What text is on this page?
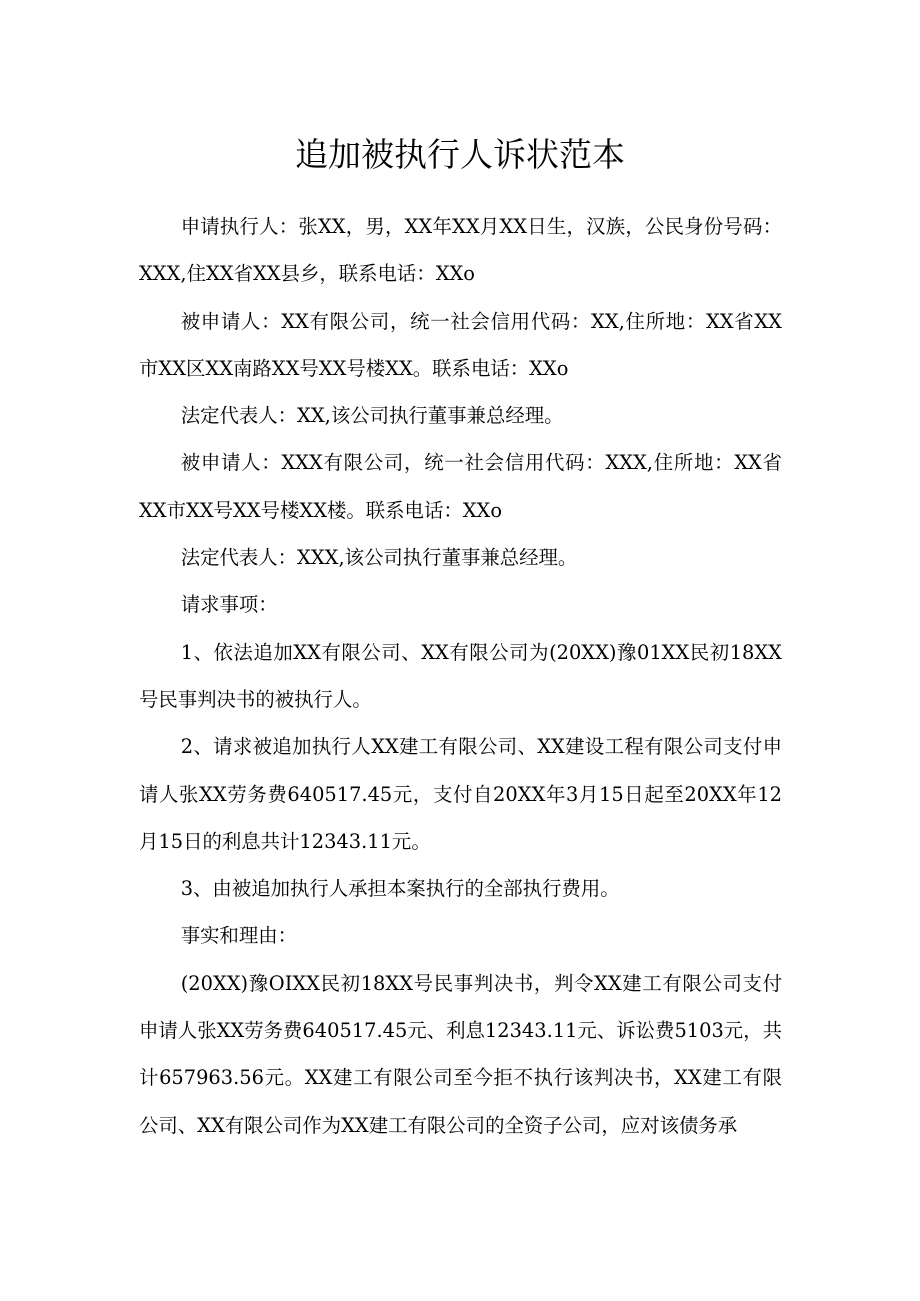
追加被执行人诉状范本

申请执行人：张XX，男，XX年XX月XX日生，汉族，公民身份号码：XXX,住XX省XX县乡，联系电话：XXo

被申请人：XX有限公司，统一社会信用代码：XX,住所地：XX省XX市XX区XX南路XX号XX号楼XX。联系电话：XXo

法定代表人：XX,该公司执行董事兼总经理。

被申请人：XXX有限公司，统一社会信用代码：XXX,住所地：XX省XX市XX号XX号楼XX楼。联系电话：XXo

法定代表人：XXX,该公司执行董事兼总经理。

请求事项：

1、依法追加XX有限公司、XX有限公司为(20XX)豫01XX民初18XX号民事判决书的被执行人。

2、请求被追加执行人XX建工有限公司、XX建设工程有限公司支付申请人张XX劳务费640517.45元，支付自20XX年3月15日起至20XX年12月15日的利息共计12343.11元。

3、由被追加执行人承担本案执行的全部执行费用。

事实和理由：

(20XX)豫OIXX民初18XX号民事判决书，判令XX建工有限公司支付申请人张XX劳务费640517.45元、利息12343.11元、诉讼费5103元，共计657963.56元。XX建工有限公司至今拒不执行该判决书，XX建工有限公司、XX有限公司作为XX建工有限公司的全资子公司，应对该债务承
